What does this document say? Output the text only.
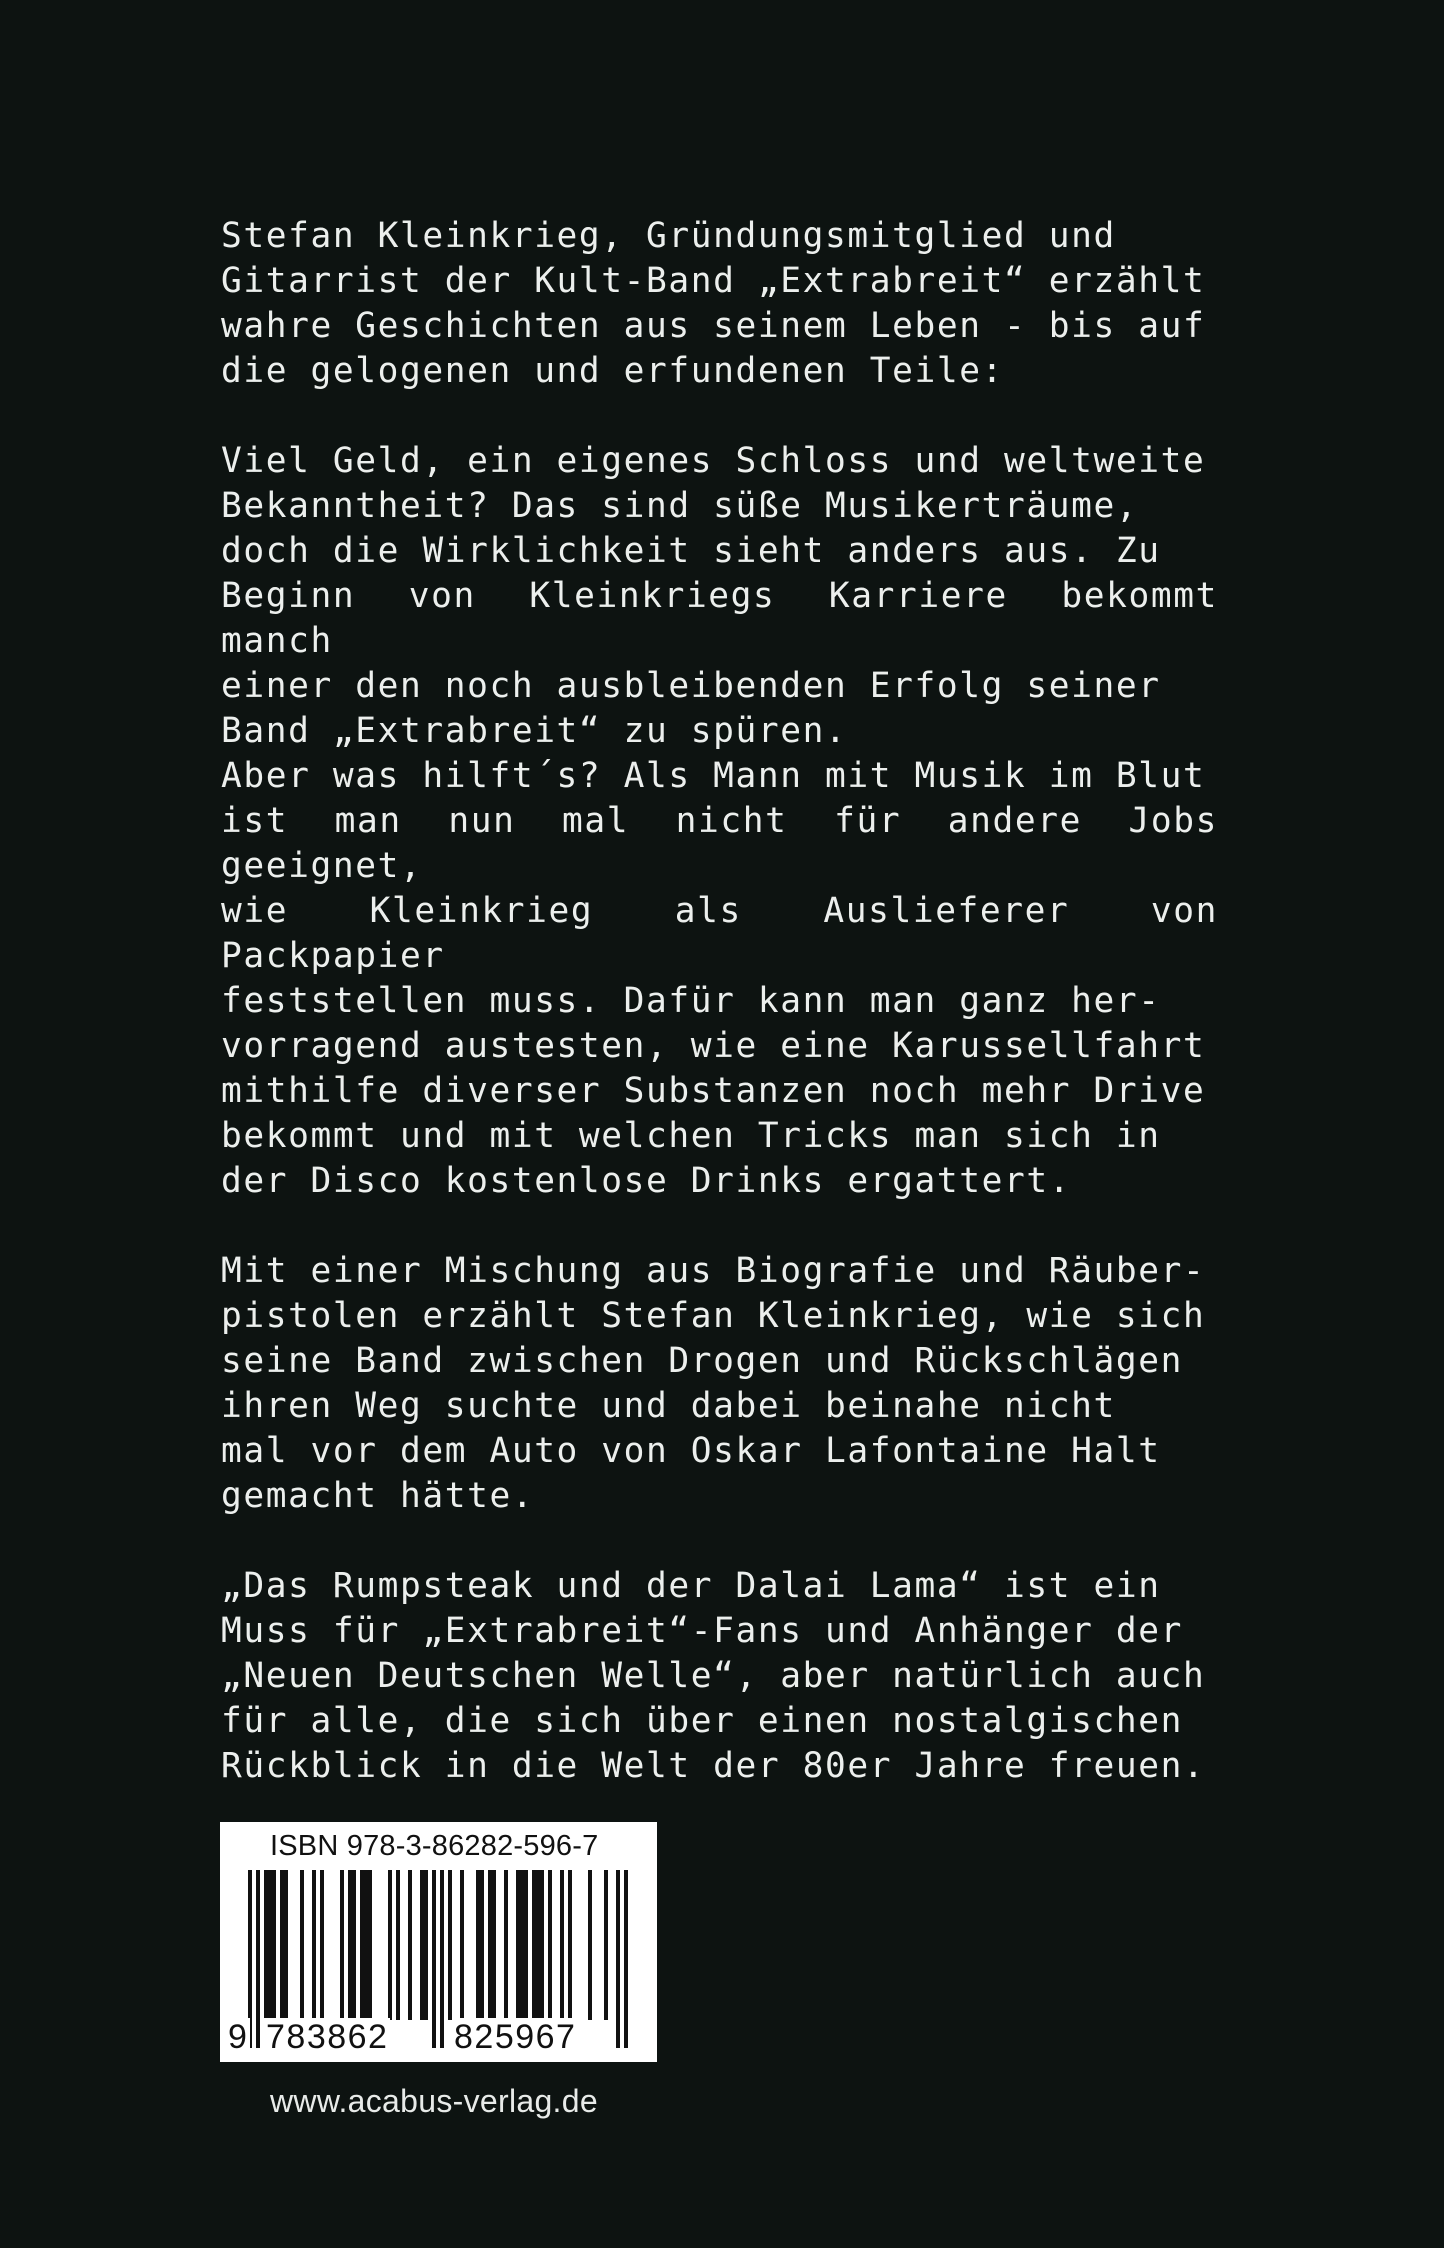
Stefan Kleinkrieg, Gründungsmitglied und
Gitarrist der Kult-Band „Extrabreit“ erzählt
wahre Geschichten aus seinem Leben - bis auf
die gelogenen und erfundenen Teile:

Viel Geld, ein eigenes Schloss und weltweite
Bekanntheit? Das sind süße Musikerträume,
doch die Wirklichkeit sieht anders aus. Zu
Beginn von Kleinkriegs Karriere bekommt manch
einer den noch ausbleibenden Erfolg seiner
Band „Extrabreit“ zu spüren.
Aber was hilft´s? Als Mann mit Musik im Blut
ist man nun mal nicht für andere Jobs geeignet,
wie Kleinkrieg als Auslieferer von Packpapier
feststellen muss. Dafür kann man ganz her-
vorragend austesten, wie eine Karussellfahrt
mithilfe diverser Substanzen noch mehr Drive
bekommt und mit welchen Tricks man sich in
der Disco kostenlose Drinks ergattert.

Mit einer Mischung aus Biografie und Räuber-
pistolen erzählt Stefan Kleinkrieg, wie sich
seine Band zwischen Drogen und Rückschlägen
ihren Weg suchte und dabei beinahe nicht
mal vor dem Auto von Oskar Lafontaine Halt
gemacht hätte.

„Das Rumpsteak und der Dalai Lama“ ist ein
Muss für „Extrabreit“-Fans und Anhänger der
„Neuen Deutschen Welle“, aber natürlich auch
für alle, die sich über einen nostalgischen
Rückblick in die Welt der 80er Jahre freuen.

ISBN 978-3-86282-596-7
9 783862 825967
www.acabus-verlag.de
